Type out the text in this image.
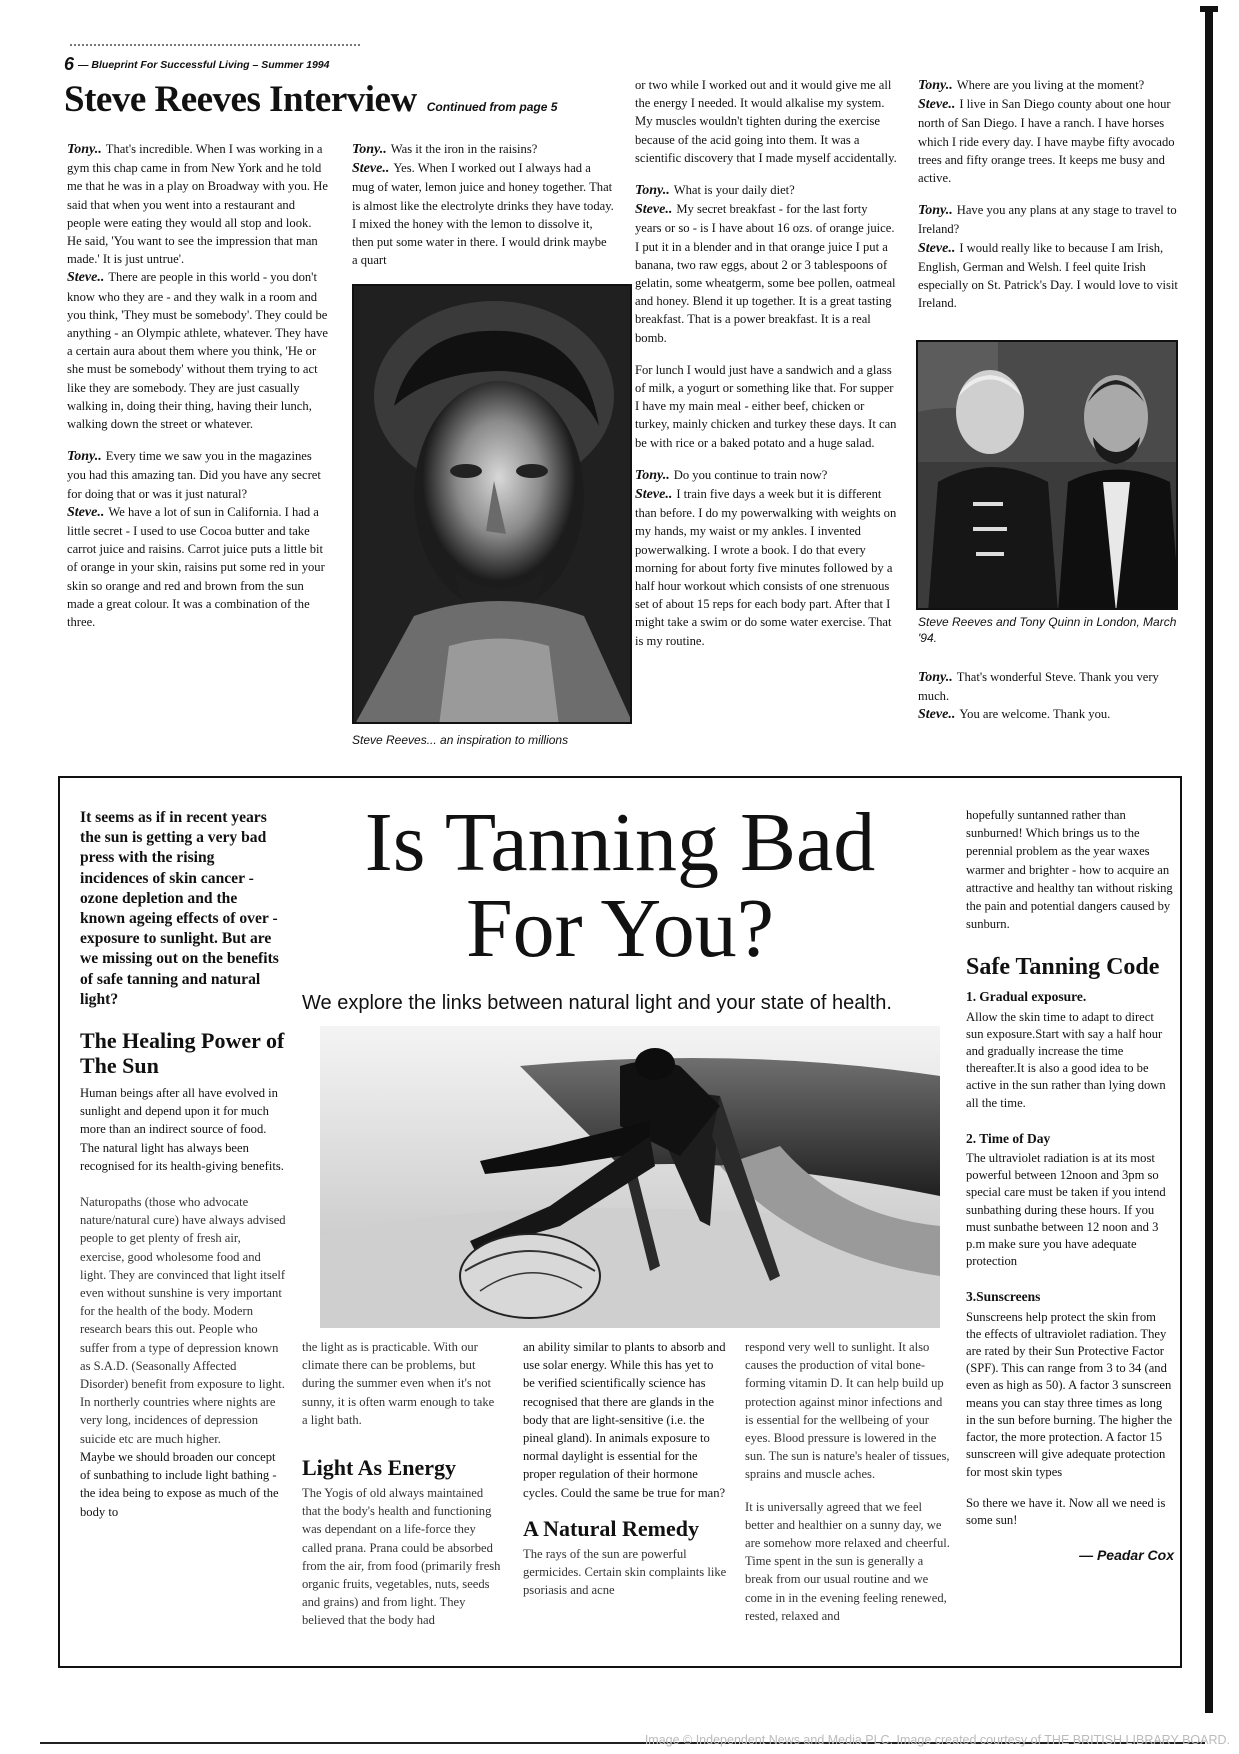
6 — Blueprint For Successful Living – Summer 1994
Steve Reeves Interview Continued from page 5

Tony.. That's incredible. When I was working in a gym this chap came in from New York and he told me that he was in a play on Broadway with you. He said that when you went into a restaurant and people were eating they would all stop and look. He said, 'You want to see the impression that man made.' It is just untrue'.

Steve.. There are people in this world - you don't know who they are - and they walk in a room and you think, 'They must be somebody'. They could be anything - an Olympic athlete, whatever. They have a certain aura about them where you think, 'He or she must be somebody' without them trying to act like they are somebody. They are just casually walking in, doing their thing, having their lunch, walking down the street or whatever.

Tony.. Every time we saw you in the magazines you had this amazing tan. Did you have any secret for doing that or was it just natural?

Steve.. We have a lot of sun in California. I had a little secret - I used to use Cocoa butter and take carrot juice and raisins. Carrot juice puts a little bit of orange in your skin, raisins put some red in your skin so orange and red and brown from the sun made a great colour. It was a combination of the three.

Tony.. Was it the iron in the raisins?

Steve.. Yes. When I worked out I always had a mug of water, lemon juice and honey together. That is almost like the electrolyte drinks they have today. I mixed the honey with the lemon to dissolve it, then put some water in there. I would drink maybe a quart

Steve Reeves... an inspiration to millions

or two while I worked out and it would give me all the energy I needed. It would alkalise my system. My muscles wouldn't tighten during the exercise because of the acid going into them. It was a scientific discovery that I made myself accidentally.

Tony.. What is your daily diet?

Steve.. My secret breakfast - for the last forty years or so - is I have about 16 ozs. of orange juice. I put it in a blender and in that orange juice I put a banana, two raw eggs, about 2 or 3 tablespoons of gelatin, some wheatgerm, some bee pollen, oatmeal and honey. Blend it up together. It is a great tasting breakfast. That is a power breakfast. It is a real bomb.

For lunch I would just have a sandwich and a glass of milk, a yogurt or something like that. For supper I have my main meal - either beef, chicken or turkey, mainly chicken and turkey these days. It can be with rice or a baked potato and a huge salad.

Tony.. Do you continue to train now?

Steve.. I train five days a week but it is different than before. I do my powerwalking with weights on my hands, my waist or my ankles. I invented powerwalking. I wrote a book. I do that every morning for about forty five minutes followed by a half hour workout which consists of one strenuous set of about 15 reps for each body part. After that I might take a swim or do some water exercise. That is my routine.

Tony.. Where are you living at the moment?

Steve.. I live in San Diego county about one hour north of San Diego. I have a ranch. I have horses which I ride every day. I have maybe fifty avocado trees and fifty orange trees. It keeps me busy and active.

Tony.. Have you any plans at any stage to travel to Ireland?

Steve.. I would really like to because I am Irish, English, German and Welsh. I feel quite Irish especially on St. Patrick's Day. I would love to visit Ireland.

Steve Reeves and Tony Quinn in London, March '94.

Tony.. That's wonderful Steve. Thank you very much.

Steve.. You are welcome. Thank you.

It seems as if in recent years the sun is getting a very bad press with the rising incidences of skin cancer - ozone depletion and the known ageing effects of over - exposure to sunlight. But are we missing out on the benefits of safe tanning and natural light?

The Healing Power of The Sun

Human beings after all have evolved in sunlight and depend upon it for much more than an indirect source of food. The natural light has always been recognised for its health-giving benefits.

Naturopaths (those who advocate nature/natural cure) have always advised people to get plenty of fresh air, exercise, good wholesome food and light. They are convinced that light itself even without sunshine is very important for the health of the body. Modern research bears this out. People who suffer from a type of depression known as S.A.D. (Seasonally Affected Disorder) benefit from exposure to light. In northerly countries where nights are very long, incidences of depression suicide etc are much higher.

Maybe we should broaden our concept of sunbathing to include light bathing - the idea being to expose as much of the body to

Is Tanning Bad
For You?
We explore the links between natural light and your state of health.

the light as is practicable. With our climate there can be problems, but during the summer even when it's not sunny, it is often warm enough to take a light bath.

Light As Energy

The Yogis of old always maintained that the body's health and functioning was dependant on a life-force they called prana. Prana could be absorbed from the air, from food (primarily fresh organic fruits, vegetables, nuts, seeds and grains) and from light. They believed that the body had

an ability similar to plants to absorb and use solar energy. While this has yet to be verified scientifically science has recognised that there are glands in the body that are light-sensitive (i.e. the pineal gland). In animals exposure to normal daylight is essential for the proper regulation of their hormone cycles. Could the same be true for man?

A Natural Remedy

The rays of the sun are powerful germicides. Certain skin complaints like psoriasis and acne

respond very well to sunlight. It also causes the production of vital bone-forming vitamin D. It can help build up protection against minor infections and is essential for the wellbeing of your eyes. Blood pressure is lowered in the sun. The sun is nature's healer of tissues, sprains and muscle aches.

It is universally agreed that we feel better and healthier on a sunny day, we are somehow more relaxed and cheerful. Time spent in the sun is generally a break from our usual routine and we come in in the evening feeling renewed, rested, relaxed and

hopefully suntanned rather than sunburned! Which brings us to the perennial problem as the year waxes warmer and brighter - how to acquire an attractive and healthy tan without risking the pain and potential dangers caused by sunburn.

Safe Tanning Code
1. Gradual exposure.

Allow the skin time to adapt to direct sun exposure.Start with say a half hour and gradually increase the time thereafter.It is also a good idea to be active in the sun rather than lying down all the time.

2. Time of Day

The ultraviolet radiation is at its most powerful between 12noon and 3pm so special care must be taken if you intend sunbathing during these hours. If you must sunbathe between 12 noon and 3 p.m make sure you have adequate protection

3.Sunscreens

Sunscreens help protect the skin from the effects of ultraviolet radiation. They are rated by their Sun Protective Factor (SPF). This can range from 3 to 34 (and even as high as 50). A factor 3 sunscreen means you can stay three times as long in the sun before burning. The higher the factor, the more protection. A factor 15 sunscreen will give adequate protection for most skin types

So there we have it. Now all we need is some sun!

— Peadar Cox
Image © Independent News and Media PLC. Image created courtesy of THE BRITISH LIBRARY BOARD.
